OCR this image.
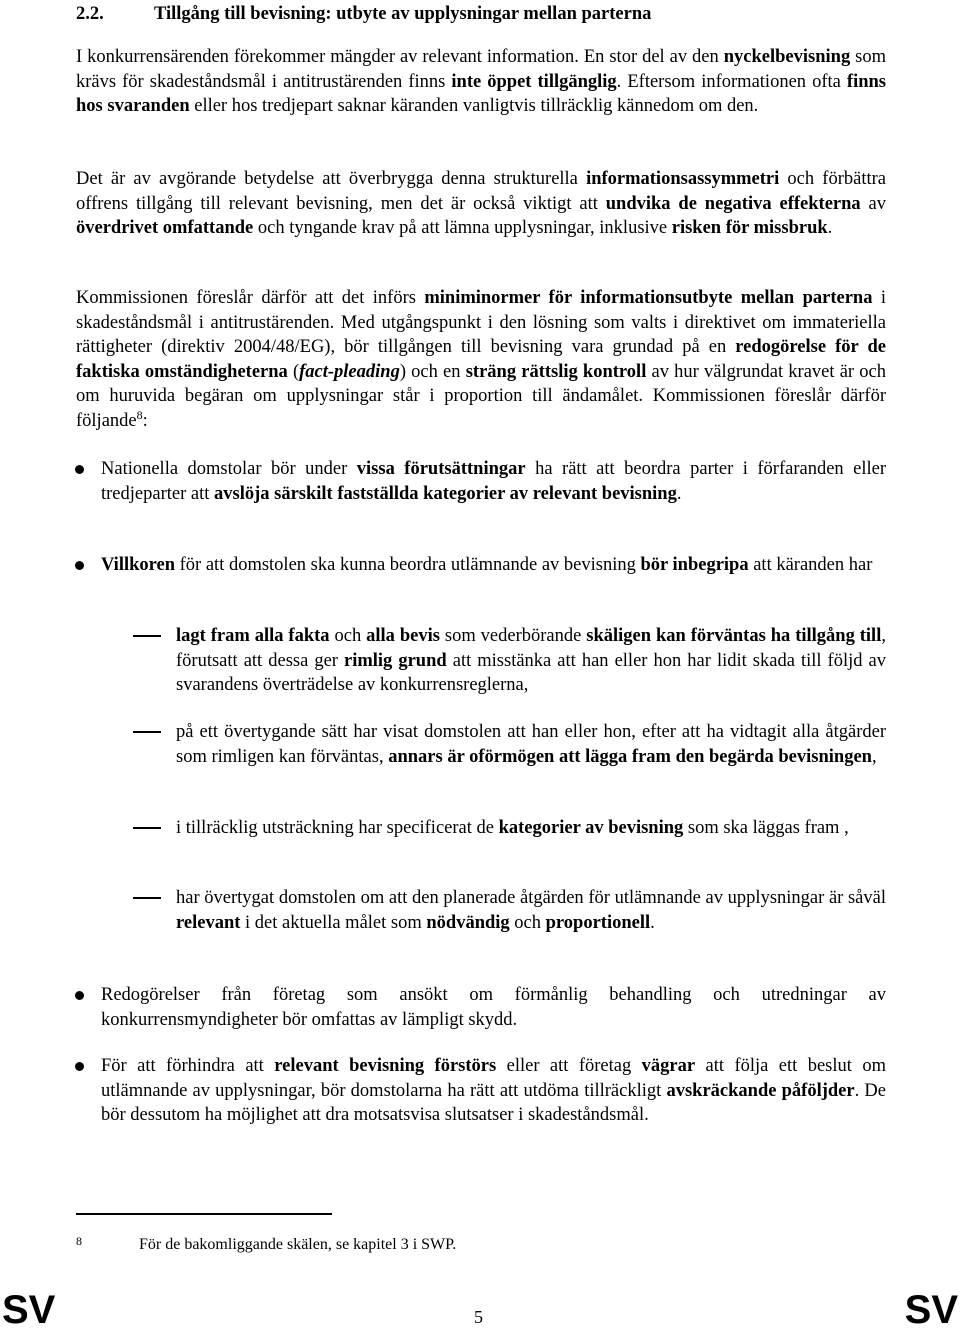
2.2.	Tillgång till bevisning: utbyte av upplysningar mellan parterna

I konkurrensärenden förekommer mängder av relevant information. En stor del av den nyckelbevisning som krävs för skadeståndsmål i antitrustärenden finns inte öppet tillgänglig. Eftersom informationen ofta finns hos svaranden eller hos tredjepart saknar käranden vanligtvis tillräcklig kännedom om den.

Det är av avgörande betydelse att överbrygga denna strukturella informationsassymmetri och förbättra offrens tillgång till relevant bevisning, men det är också viktigt att undvika de negativa effekterna av överdrivet omfattande och tyngande krav på att lämna upplysningar, inklusive risken för missbruk.

Kommissionen föreslår därför att det införs miniminormer för informationsutbyte mellan parterna i skadeståndsmål i antitrustärenden. Med utgångspunkt i den lösning som valts i direktivet om immateriella rättigheter (direktiv 2004/48/EG), bör tillgången till bevisning vara grundad på en redogörelse för de faktiska omständigheterna (fact-pleading) och en sträng rättslig kontroll av hur välgrundat kravet är och om huruvida begäran om upplysningar står i proportion till ändamålet. Kommissionen föreslår därför följande$^8$:

Nationella domstolar bör under vissa förutsättningar ha rätt att beordra parter i förfaranden eller tredjeparter att avslöja särskilt fastställda kategorier av relevant bevisning.

Villkoren för att domstolen ska kunna beordra utlämnande av bevisning bör inbegripa att käranden har

lagt fram alla fakta och alla bevis som vederbörande skäligen kan förväntas ha tillgång till, förutsatt att dessa ger rimlig grund att misstänka att han eller hon har lidit skada till följd av svarandens överträdelse av konkurrensreglerna,

på ett övertygande sätt har visat domstolen att han eller hon, efter att ha vidtagit alla åtgärder som rimligen kan förväntas, annars är oförmögen att lägga fram den begärda bevisningen,

i tillräcklig utsträckning har specificerat de kategorier av bevisning som ska läggas fram ,

har övertygat domstolen om att den planerade åtgärden för utlämnande av upplysningar är såväl relevant i det aktuella målet som nödvändig och proportionell.

Redogörelser från företag som ansökt om förmånlig behandling och utredningar av konkurrensmyndigheter bör omfattas av lämpligt skydd.

För att förhindra att relevant bevisning förstörs eller att företag vägrar att följa ett beslut om utlämnande av upplysningar, bör domstolarna ha rätt att utdöma tillräckligt avskräckande påföljder. De bör dessutom ha möjlighet att dra motsatsvisa slutsatser i skadeståndsmål.

8	För de bakomliggande skälen, se kapitel 3 i SWP.
SV	5	SV
